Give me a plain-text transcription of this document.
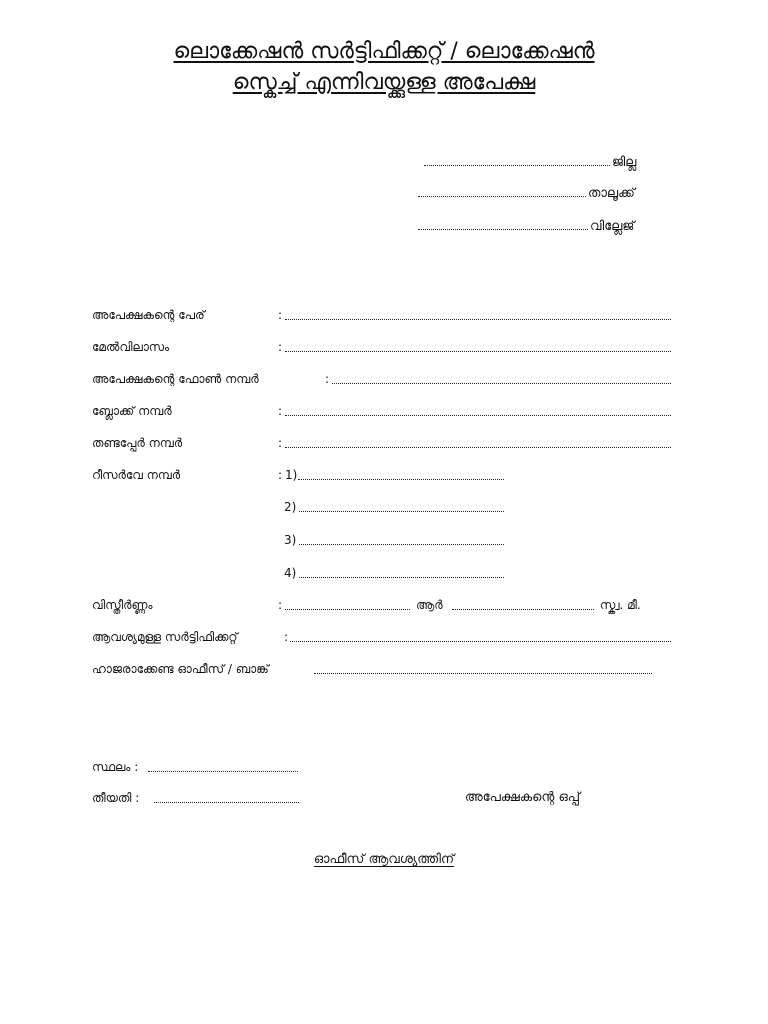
ലൊക്കേഷൻ സർട്ടിഫിക്കറ്റ് / ലൊക്കേഷൻ
സ്കെച്ച് എന്നിവയ്ക്കുള്ള അപേക്ഷ
ജില്ല
താലൂക്ക്
വില്ലേജ്
അപേക്ഷകന്റെ പേര്	:
മേൽവിലാസം	:
അപേക്ഷകന്റെ ഫോൺ നമ്പർ	:
ബ്ലോക്ക് നമ്പർ	:
തണ്ടപ്പേർ നമ്പർ	:
റീസർവേ നമ്പർ	: 1)
2)
3)
4)
വിസ്തീർണ്ണം	:	ആർ	സ്ക്വ. മീ.
ആവശ്യമുള്ള സർട്ടിഫിക്കറ്റ്	:
ഹാജരാക്കേണ്ട ഓഫീസ് / ബാങ്ക്
സ്ഥലം :
തീയതി :	അപേക്ഷകന്റെ ഒപ്പ്
ഓഫീസ് ആവശ്യത്തിന്
